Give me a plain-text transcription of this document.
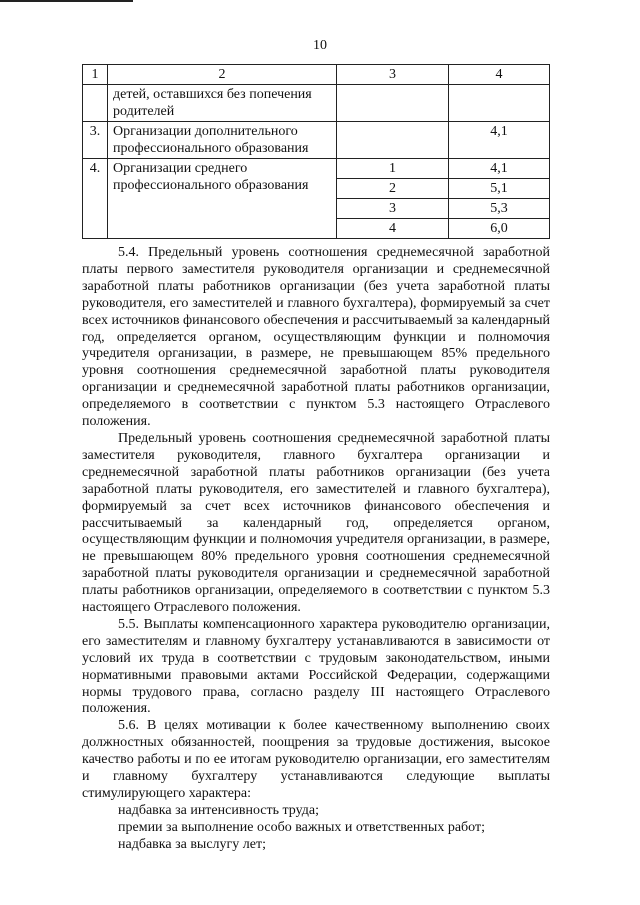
10
1	2	3	4
	детей, оставшихся без попечения родителей		
3.	Организации дополнительного профессионального образования		4,1
4.	Организации среднего профессионального образования	1	4,1
		2	5,1
		3	5,3
		4	6,0

5.4. Предельный уровень соотношения среднемесячной заработной платы первого заместителя руководителя организации и среднемесячной заработной платы работников организации (без учета заработной платы руководителя, его заместителей и главного бухгалтера), формируемый за счет всех источников финансового обеспечения и рассчитываемый за календарный год, определяется органом, осуществляющим функции и полномочия учредителя организации, в размере, не превышающем 85% предельного уровня соотношения среднемесячной заработной платы руководителя организации и среднемесячной заработной платы работников организации, определяемого в соответствии с пунктом 5.3 настоящего Отраслевого положения.

Предельный уровень соотношения среднемесячной заработной платы заместителя руководителя, главного бухгалтера организации и среднемесячной заработной платы работников организации (без учета заработной платы руководителя, его заместителей и главного бухгалтера), формируемый за счет всех источников финансового обеспечения и рассчитываемый за календарный год, определяется органом, осуществляющим функции и полномочия учредителя организации, в размере, не превышающем 80% предельного уровня соотношения среднемесячной заработной платы руководителя организации и среднемесячной заработной платы работников организации, определяемого в соответствии с пунктом 5.3 настоящего Отраслевого положения.

5.5. Выплаты компенсационного характера руководителю организации, его заместителям и главному бухгалтеру устанавливаются в зависимости от условий их труда в соответствии с трудовым законодательством, иными нормативными правовыми актами Российской Федерации, содержащими нормы трудового права, согласно разделу III настоящего Отраслевого положения.

5.6. В целях мотивации к более качественному выполнению своих должностных обязанностей, поощрения за трудовые достижения, высокое качество работы и по ее итогам руководителю организации, его заместителям и главному бухгалтеру устанавливаются следующие выплаты стимулирующего характера:

надбавка за интенсивность труда;

премии за выполнение особо важных и ответственных работ;

надбавка за выслугу лет;
